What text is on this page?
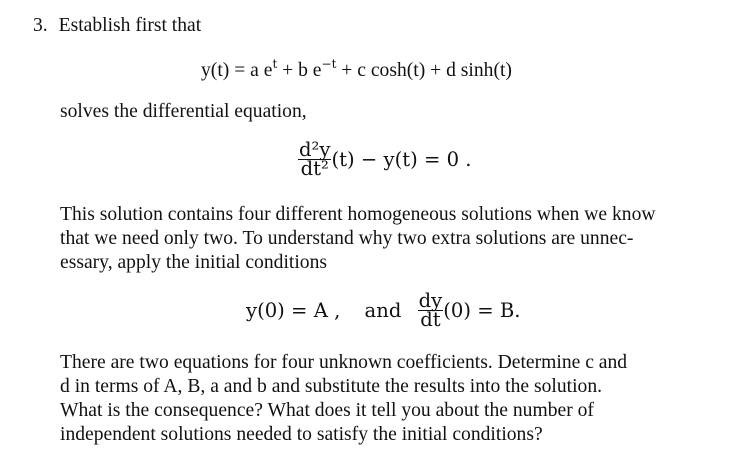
3. Establish first that
y(t) = a $e^t + b$ $e^{-t} + c$ cosh(t) + d sinh(t)
solves the differential equation,
$\frac{\text{d²y}}{\text{dt²}} (t) - y(t) = 0$ .
This solution contains four different homogeneous solutions when we know
that we need only two. To understand why two extra solutions are unnec-
essary, apply the initial conditions
y(0) = A , and $\frac{dy}{dt} (0) = B$.
There are two equations for four unknown coefficients. Determine c and
d in terms of A, B, a and b and substitute the results into the solution.
What is the consequence? What does it tell you about the number of
independent solutions needed to satisfy the initial conditions?
